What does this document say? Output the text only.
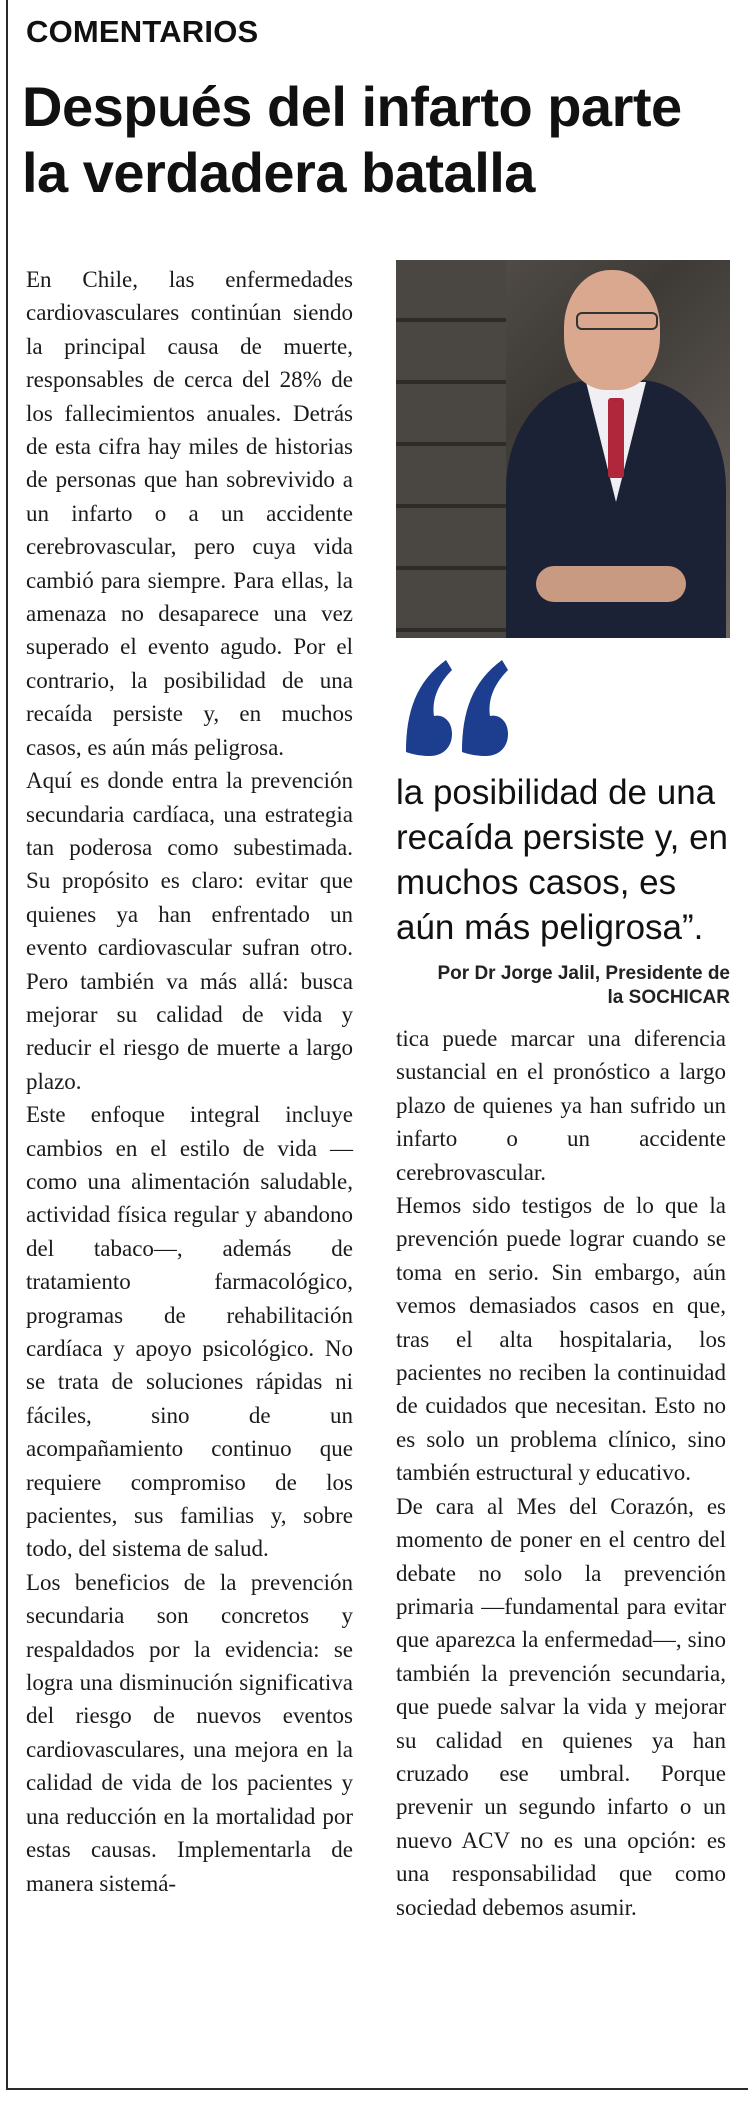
COMENTARIOS
Después del infarto parte la verdadera batalla

En Chile, las enfermedades cardiovasculares continúan siendo la principal causa de muerte, responsables de cerca del 28% de los fallecimientos anuales. Detrás de esta cifra hay miles de historias de personas que han sobrevivido a un infarto o a un accidente cerebrovascular, pero cuya vida cambió para siempre. Para ellas, la amenaza no desaparece una vez superado el evento agudo. Por el contrario, la posibilidad de una recaída persiste y, en muchos casos, es aún más peligrosa.

Aquí es donde entra la prevención secundaria cardíaca, una estrategia tan poderosa como subestimada. Su propósito es claro: evitar que quienes ya han enfrentado un evento cardiovascular sufran otro. Pero también va más allá: busca mejorar su calidad de vida y reducir el riesgo de muerte a largo plazo.

Este enfoque integral incluye cambios en el estilo de vida —como una alimentación saludable, actividad física regular y abandono del tabaco—, además de tratamiento farmacológico, programas de rehabilitación cardíaca y apoyo psicológico. No se trata de soluciones rápidas ni fáciles, sino de un acompañamiento continuo que requiere compromiso de los pacientes, sus familias y, sobre todo, del sistema de salud.

Los beneficios de la prevención secundaria son concretos y respaldados por la evidencia: se logra una disminución significativa del riesgo de nuevos eventos cardiovasculares, una mejora en la calidad de vida de los pacientes y una reducción en la mortalidad por estas causas. Implementarla de manera sistemá-

la posibilidad de una recaída persiste y, en muchos casos, es aún más peligrosa”.

Por Dr Jorge Jalil, Presidente de
la SOCHICAR

tica puede marcar una diferencia sustancial en el pronóstico a largo plazo de quienes ya han sufrido un infarto o un accidente cerebrovascular.

Hemos sido testigos de lo que la prevención puede lograr cuando se toma en serio. Sin embargo, aún vemos demasiados casos en que, tras el alta hospitalaria, los pacientes no reciben la continuidad de cuidados que necesitan. Esto no es solo un problema clínico, sino también estructural y educativo.

De cara al Mes del Corazón, es momento de poner en el centro del debate no solo la prevención primaria —fundamental para evitar que aparezca la enfermedad—, sino también la prevención secundaria, que puede salvar la vida y mejorar su calidad en quienes ya han cruzado ese umbral. Porque prevenir un segundo infarto o un nuevo ACV no es una opción: es una responsabilidad que como sociedad debemos asumir.
